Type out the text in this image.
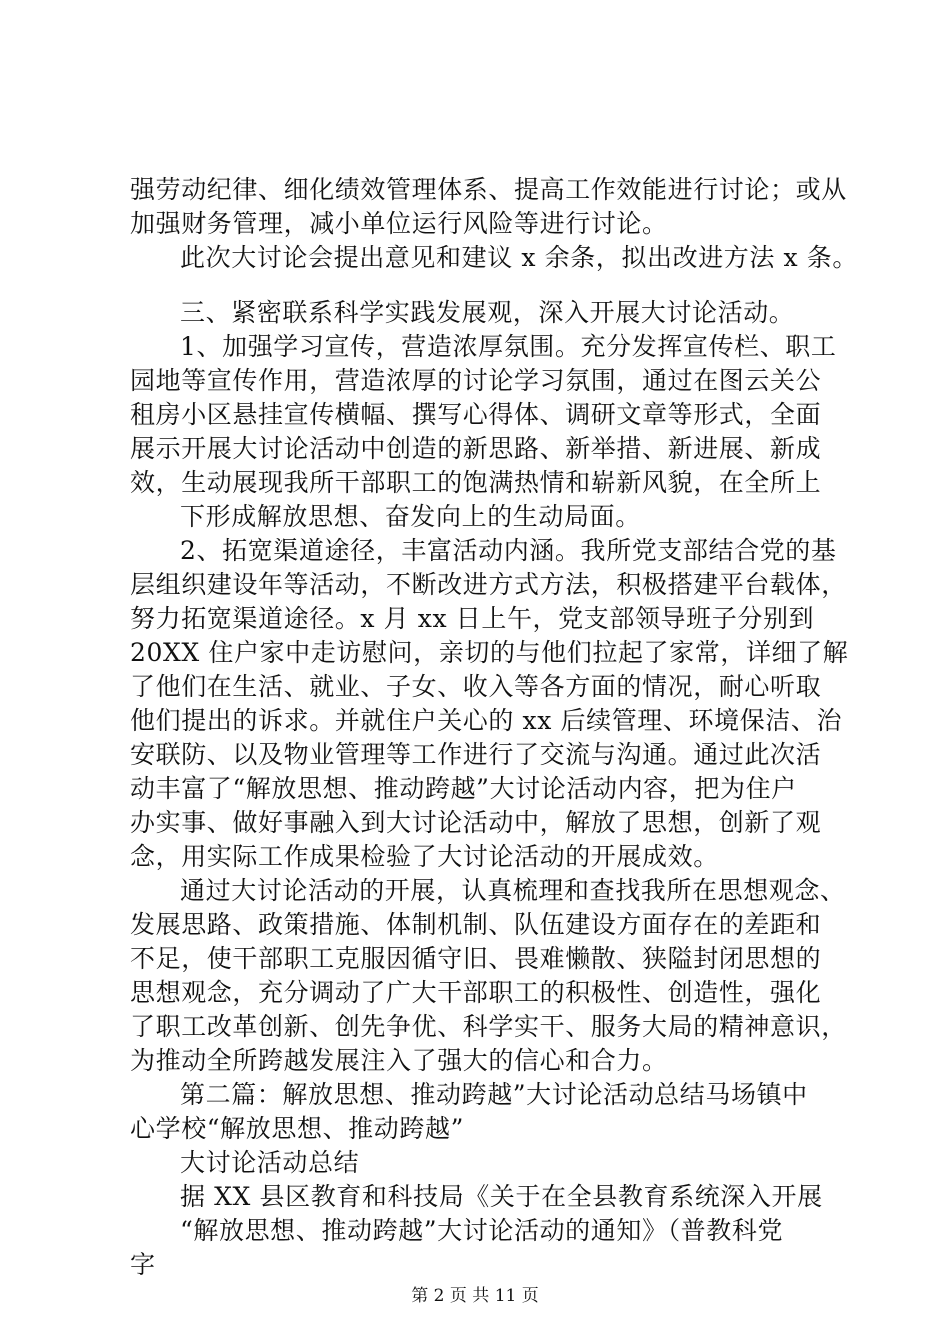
强劳动纪律、细化绩效管理体系、提高工作效能进行讨论；或从
加强财务管理，减小单位运行风险等进行讨论。
此次大讨论会提出意见和建议 x 余条，拟出改进方法 x 条。
三、紧密联系科学实践发展观，深入开展大讨论活动。
1、加强学习宣传，营造浓厚氛围。充分发挥宣传栏、职工
园地等宣传作用，营造浓厚的讨论学习氛围，通过在图云关公
租房小区悬挂宣传横幅、撰写心得体、调研文章等形式，全面
展示开展大讨论活动中创造的新思路、新举措、新进展、新成
效，生动展现我所干部职工的饱满热情和崭新风貌，在全所上
下形成解放思想、奋发向上的生动局面。
2、拓宽渠道途径，丰富活动内涵。我所党支部结合党的基
层组织建设年等活动，不断改进方式方法，积极搭建平台载体，
努力拓宽渠道途径。x 月 xx 日上午，党支部领导班子分别到
20XX 住户家中走访慰问，亲切的与他们拉起了家常，详细了解
了他们在生活、就业、子女、收入等各方面的情况，耐心听取
他们提出的诉求。并就住户关心的 xx 后续管理、环境保洁、治
安联防、以及物业管理等工作进行了交流与沟通。通过此次活
动丰富了“解放思想、推动跨越”大讨论活动内容，把为住户
办实事、做好事融入到大讨论活动中，解放了思想，创新了观
念，用实际工作成果检验了大讨论活动的开展成效。
通过大讨论活动的开展，认真梳理和查找我所在思想观念、
发展思路、政策措施、体制机制、队伍建设方面存在的差距和
不足，使干部职工克服因循守旧、畏难懒散、狭隘封闭思想的
思想观念，充分调动了广大干部职工的积极性、创造性，强化
了职工改革创新、创先争优、科学实干、服务大局的精神意识，
为推动全所跨越发展注入了强大的信心和合力。
第二篇：解放思想、推动跨越”大讨论活动总结马场镇中
心学校“解放思想、推动跨越”
大讨论活动总结
据 XX 县区教育和科技局《关于在全县教育系统深入开展
“解放思想、推动跨越”大讨论活动的通知》（普教科党
字
第 2 页 共 11 页
